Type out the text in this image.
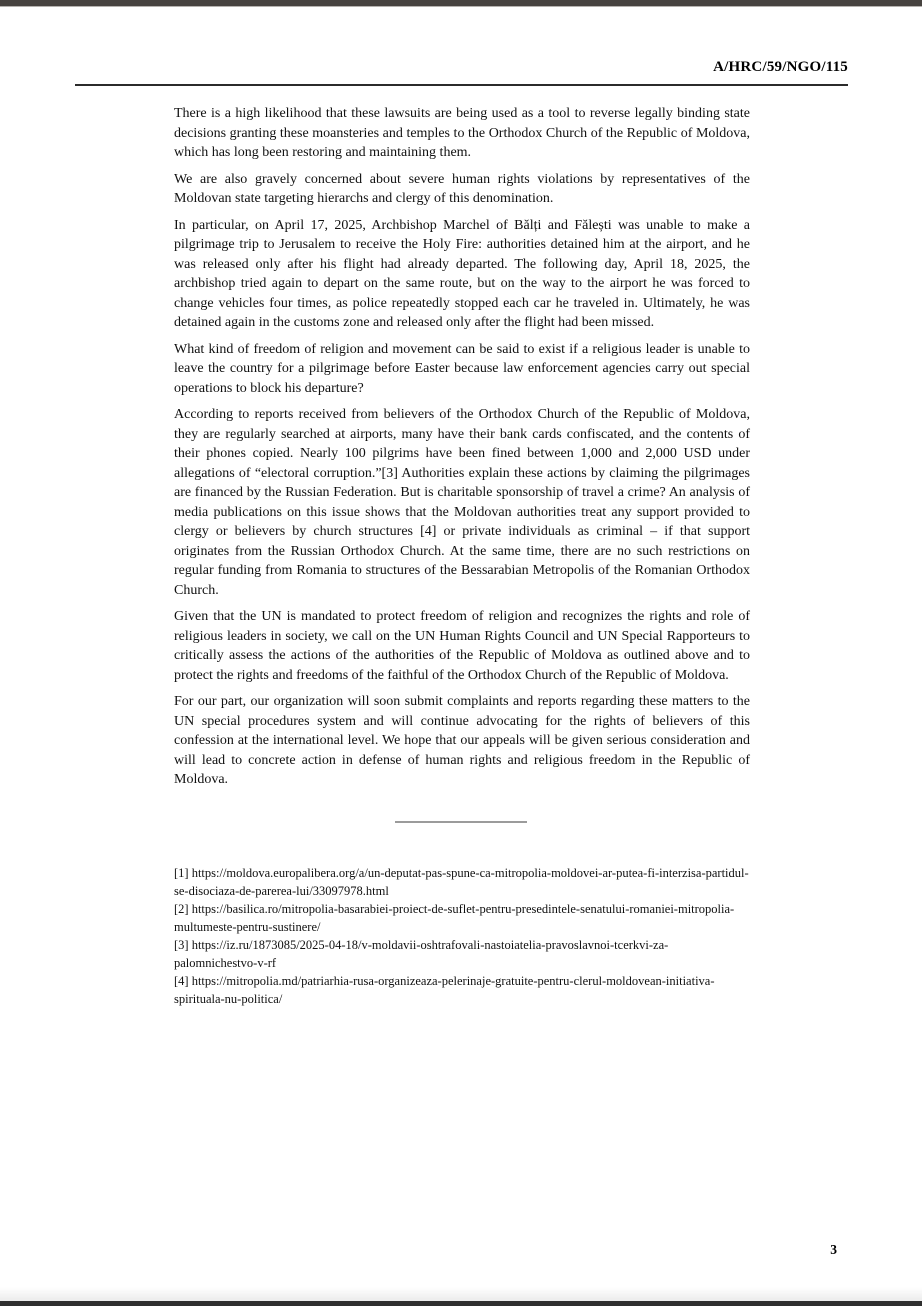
A/HRC/59/NGO/115

There is a high likelihood that these lawsuits are being used as a tool to reverse legally binding state decisions granting these moansteries and temples to the Orthodox Church of the Republic of Moldova, which has long been restoring and maintaining them.

We are also gravely concerned about severe human rights violations by representatives of the Moldovan state targeting hierarchs and clergy of this denomination.

In particular, on April 17, 2025, Archbishop Marchel of Bălți and Fălești was unable to make a pilgrimage trip to Jerusalem to receive the Holy Fire: authorities detained him at the airport, and he was released only after his flight had already departed. The following day, April 18, 2025, the archbishop tried again to depart on the same route, but on the way to the airport he was forced to change vehicles four times, as police repeatedly stopped each car he traveled in. Ultimately, he was detained again in the customs zone and released only after the flight had been missed.

What kind of freedom of religion and movement can be said to exist if a religious leader is unable to leave the country for a pilgrimage before Easter because law enforcement agencies carry out special operations to block his departure?

According to reports received from believers of the Orthodox Church of the Republic of Moldova, they are regularly searched at airports, many have their bank cards confiscated, and the contents of their phones copied. Nearly 100 pilgrims have been fined between 1,000 and 2,000 USD under allegations of “electoral corruption.”[3] Authorities explain these actions by claiming the pilgrimages are financed by the Russian Federation. But is charitable sponsorship of travel a crime? An analysis of media publications on this issue shows that the Moldovan authorities treat any support provided to clergy or believers by church structures [4] or private individuals as criminal – if that support originates from the Russian Orthodox Church. At the same time, there are no such restrictions on regular funding from Romania to structures of the Bessarabian Metropolis of the Romanian Orthodox Church.

Given that the UN is mandated to protect freedom of religion and recognizes the rights and role of religious leaders in society, we call on the UN Human Rights Council and UN Special Rapporteurs to critically assess the actions of the authorities of the Republic of Moldova as outlined above and to protect the rights and freedoms of the faithful of the Orthodox Church of the Republic of Moldova.

For our part, our organization will soon submit complaints and reports regarding these matters to the UN special procedures system and will continue advocating for the rights of believers of this confession at the international level. We hope that our appeals will be given serious consideration and will lead to concrete action in defense of human rights and religious freedom in the Republic of Moldova.

[1] https://moldova.europalibera.org/a/un-deputat-pas-spune-ca-mitropolia-moldovei-ar-putea-fi-interzisa-partidul-se-disociaza-de-parerea-lui/33097978.html
[2] https://basilica.ro/mitropolia-basarabiei-proiect-de-suflet-pentru-presedintele-senatului-romaniei-mitropolia-multumeste-pentru-sustinere/
[3] https://iz.ru/1873085/2025-04-18/v-moldavii-oshtrafovali-nastoiatelia-pravoslavnoi-tcerkvi-za-palomnichestvo-v-rf
[4] https://mitropolia.md/patriarhia-rusa-organizeaza-pelerinaje-gratuite-pentru-clerul-moldovean-initiativa-spirituala-nu-politica/
3
